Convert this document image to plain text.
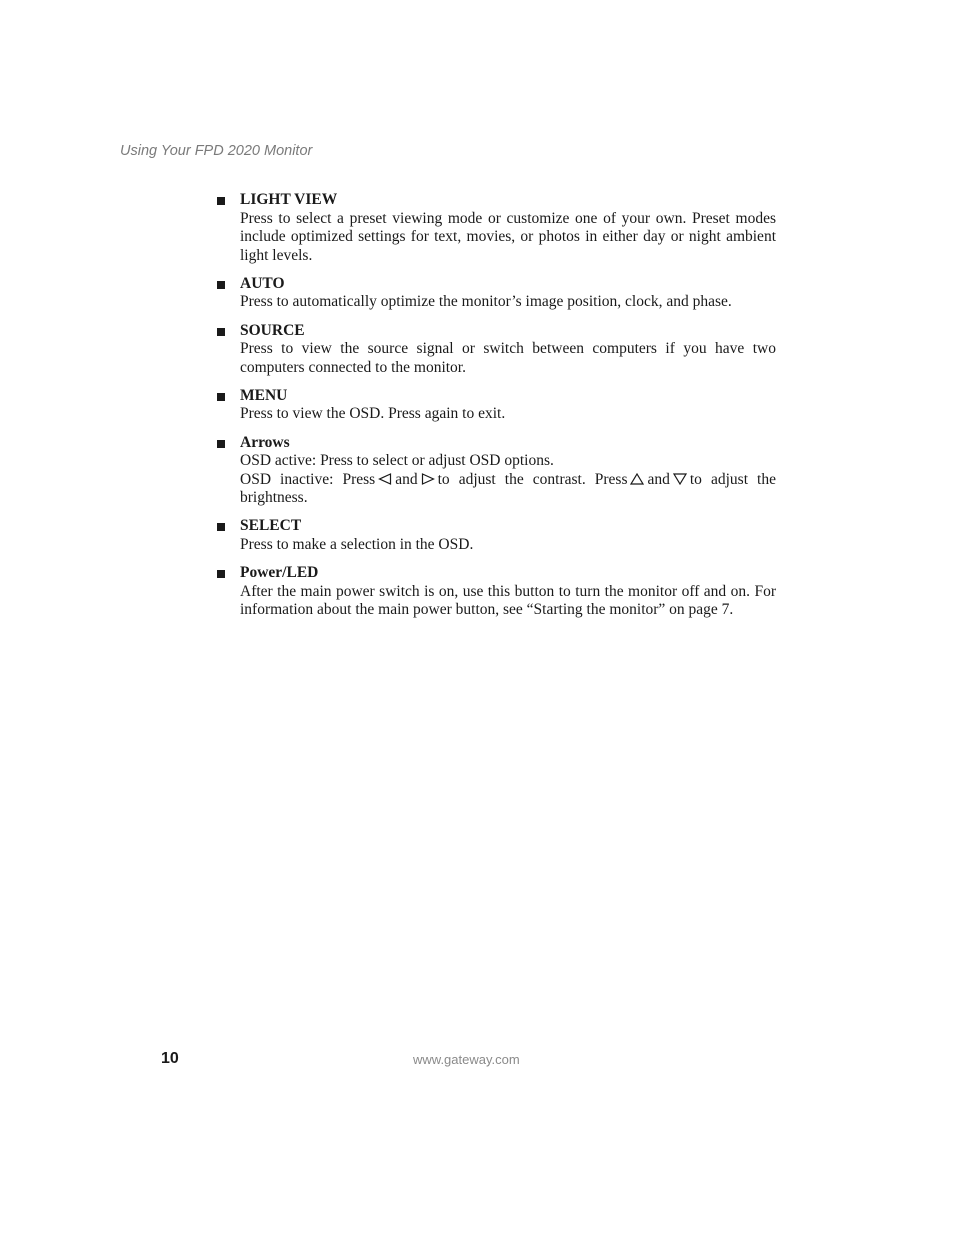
Using Your FPD 2020 Monitor
LIGHT VIEW
Press to select a preset viewing mode or customize one of your own. Preset modes include optimized settings for text, movies, or photos in either day or night ambient light levels.
AUTO
Press to automatically optimize the monitor’s image position, clock, and phase.
SOURCE
Press to view the source signal or switch between computers if you have two computers connected to the monitor.
MENU
Press to view the OSD. Press again to exit.
Arrows
OSD active: Press to select or adjust OSD options.
OSD inactive: Press and to adjust the contrast. Press and to adjust the brightness.
SELECT
Press to make a selection in the OSD.
Power/LED
After the main power switch is on, use this button to turn the monitor off and on. For information about the main power button, see “Starting the monitor” on page 7.
10	www.gateway.com
